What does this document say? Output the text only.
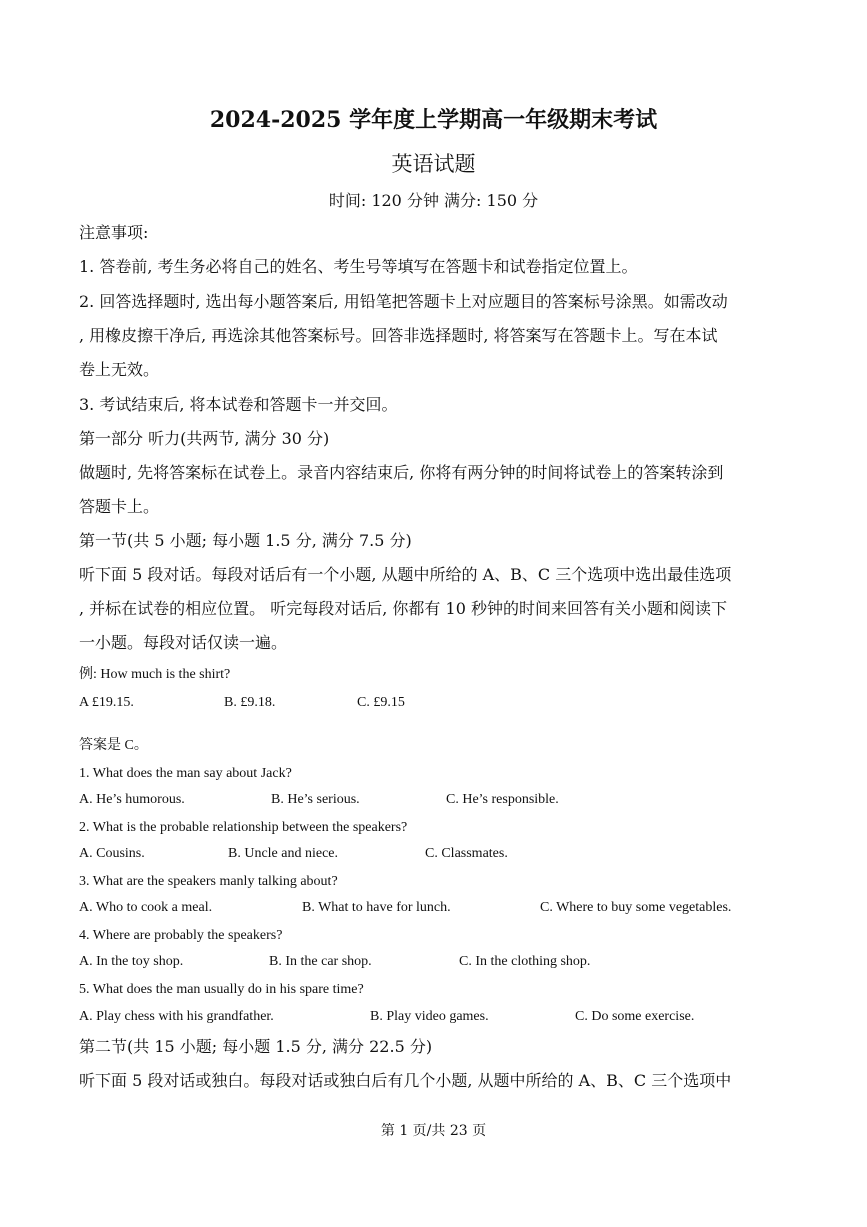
2024-2025 学年度上学期高一年级期末考试
英语试题
时间: 120 分钟 满分: 150 分
注意事项:
1. 答卷前, 考生务必将自己的姓名、考生号等填写在答题卡和试卷指定位置上。
2. 回答选择题时, 选出每小题答案后, 用铅笔把答题卡上对应题目的答案标号涂黑。如需改动
, 用橡皮擦干净后, 再选涂其他答案标号。回答非选择题时, 将答案写在答题卡上。写在本试
卷上无效。
3. 考试结束后, 将本试卷和答题卡一并交回。
第一部分 听力(共两节, 满分 30 分)
做题时, 先将答案标在试卷上。录音内容结束后, 你将有两分钟的时间将试卷上的答案转涂到
答题卡上。
第一节(共 5 小题; 每小题 1.5 分, 满分 7.5 分)
听下面 5 段对话。每段对话后有一个小题, 从题中所给的 A、B、C 三个选项中选出最佳选项
, 并标在试卷的相应位置。 听完每段对话后, 你都有 10 秒钟的时间来回答有关小题和阅读下
一小题。每段对话仅读一遍。
例: How much is the shirt?
A £19.15.	B. £9.18.	C. £9.15
答案是 C。
1. What does the man say about Jack?
A. He’s humorous.	B. He’s serious.	C. He’s responsible.
2. What is the probable relationship between the speakers?
A. Cousins.	B. Uncle and niece.	C. Classmates.
3. What are the speakers manly talking about?
A. Who to cook a meal.	B. What to have for lunch.	C. Where to buy some vegetables.
4. Where are probably the speakers?
A. In the toy shop.	B. In the car shop.	C. In the clothing shop.
5. What does the man usually do in his spare time?
A. Play chess with his grandfather.	B. Play video games.	C. Do some exercise.
第二节(共 15 小题; 每小题 1.5 分, 满分 22.5 分)
听下面 5 段对话或独白。每段对话或独白后有几个小题, 从题中所给的 A、B、C 三个选项中
第 1 页/共 23 页
